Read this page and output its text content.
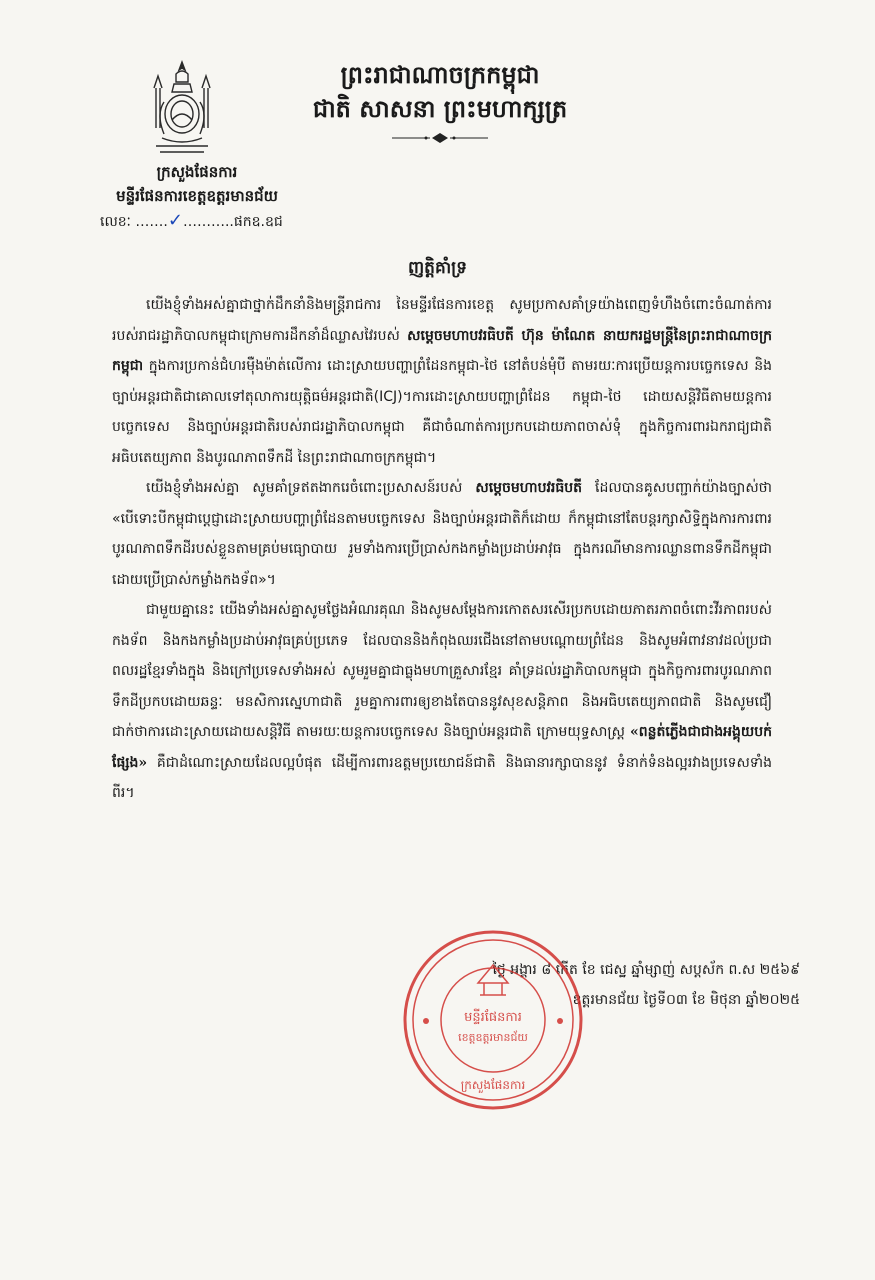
ព្រះរាជាណាចក្រកម្ពុជា
ជាតិ សាសនា ព្រះមហាក្សត្រ
ក្រសួងផែនការ
មន្ទីរផែនការខេត្តឧត្តរមានជ័យ
លេខៈ …….✓………..ផកឧ.ឧជ
ញត្តិគាំទ្រ

យើងខ្ញុំទាំងអស់គ្នាជាថ្នាក់ដឹកនាំនិងមន្ត្រីរាជការ នៃមន្ទីរផែនការខេត្ត សូមប្រកាសគាំទ្រយ៉ាងពេញទំហឹងចំពោះចំណាត់ការរបស់រាជរដ្ឋាភិបាលកម្ពុជាក្រោមការដឹកនាំដ៏ឈ្លាសវៃរបស់ សម្តេចមហាបវរធិបតី ហ៊ុន ម៉ាណែត នាយករដ្ឋមន្ត្រីនៃព្រះរាជាណាចក្រកម្ពុជា ក្នុងការប្រកាន់ជំហរម៉ឺងម៉ាត់លើការ ដោះស្រាយបញ្ហាព្រំដែនកម្ពុជា-ថៃ នៅតំបន់មុំបី តាមរយៈការប្រើយន្តការបច្ចេកទេស និងច្បាប់អន្តរជាតិជាគោលទៅតុលាការយុត្តិធម៌អន្តរជាតិ(ICJ)។ការដោះស្រាយបញ្ហាព្រំដែន កម្ពុជា-ថៃ ដោយសន្តិវិធីតាមយន្តការបច្ចេកទេស និងច្បាប់អន្តរជាតិរបស់រាជរដ្ឋាភិបាលកម្ពុជា គឺជាចំណាត់ការប្រកបដោយភាពចាស់ទុំ ក្នុងកិច្ចការពារឯករាជ្យជាតិ អធិបតេយ្យភាព និងបូរណភាពទឹកដី នៃព្រះរាជាណាចក្រកម្ពុជា។

យើងខ្ញុំទាំងអស់គ្នា សូមគាំទ្រឥតងាករេចំពោះប្រសាសន៍របស់ សម្តេចមហាបវរធិបតី ដែលបានគូសបញ្ជាក់យ៉ាងច្បាស់ថា «បើទោះបីកម្ពុជាប្តេជ្ញាដោះស្រាយបញ្ហាព្រំដែនតាមបច្ចេកទេស និងច្បាប់អន្តរជាតិក៏ដោយ ក៏កម្ពុជានៅតែបន្តរក្សាសិទ្ធិក្នុងការការពារបូរណភាពទឹកដីរបស់ខ្លួនតាមគ្រប់មធ្យោបាយ រួមទាំងការប្រើប្រាស់កងកម្លាំងប្រដាប់អាវុធ ក្នុងករណីមានការឈ្លានពានទឹកដីកម្ពុជា ដោយប្រើប្រាស់កម្លាំងកងទ័ព»។

ជាមួយគ្នានេះ យើងទាំងអស់គ្នាសូមថ្លែងអំណរគុណ និងសូមសម្តែងការកោតសរសើរប្រកបដោយភាតរភាពចំពោះវីរភាពរបស់កងទ័ព និងកងកម្លាំងប្រដាប់អាវុធគ្រប់ប្រភេទ ដែលបាននិងកំពុងឈរជើងនៅតាមបណ្តោយព្រំដែន និងសូមអំពាវនាវដល់ប្រជាពលរដ្ឋខ្មែរទាំងក្នុង និងក្រៅប្រទេសទាំងអស់ សូមរួមគ្នាជាធ្លុងមហាគ្រួសារខ្មែរ គាំទ្រដល់រដ្ឋាភិបាលកម្ពុជា ក្នុងកិច្ចការពារបូរណភាពទឹកដីប្រកបដោយឆន្ទៈ មនសិការស្នេហាជាតិ រួមគ្នាការពារឲ្យខាងតែបាននូវសុខសន្តិភាព និងអធិបតេយ្យភាពជាតិ និងសូមជឿជាក់ថាការដោះស្រាយដោយសន្តិវិធី តាមរយៈយន្តការបច្ចេកទេស និងច្បាប់អន្តរជាតិ ក្រោមយុទ្ធសាស្ត្រ «ពន្លត់ភ្លើងជាជាងអង្គុយបក់ផ្សែង» គឺជាដំណោះស្រាយដែលល្អបំផុត ដើម្បីការពារឧត្តមប្រយោជន៍ជាតិ និងធានារក្សាបាននូវ ទំនាក់ទំនងល្អរវាងប្រទេសទាំងពីរ។

ថ្ងៃ អង្គារ ៨ កើត ខែ ជេស្ឋ ឆ្នាំម្សាញ់ សប្តស័ក ព.ស ២៥៦៩
ឧត្តរមានជ័យ ថ្ងៃទី០៣ ខែ មិថុនា ឆ្នាំ២០២៥
មន្ទីរផែនការ
ខេត្តឧត្តរមានជ័យ
ក្រសួងផែនការ
